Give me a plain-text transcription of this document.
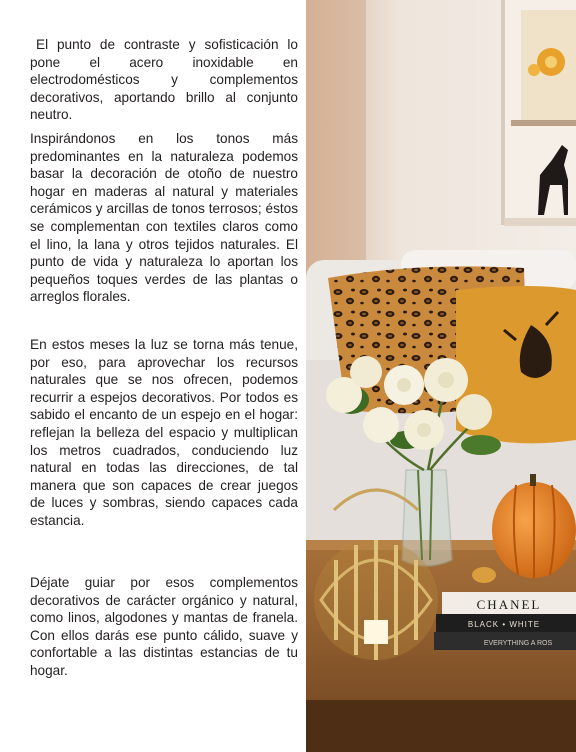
El punto de contraste y sofisticación lo pone el acero inoxidable en electrodomésticos y complementos decorativos, aportando brillo al conjunto neutro.

Inspirándonos en los tonos más predominantes en la naturaleza podemos basar la decoración de otoño de nuestro hogar en maderas al natural y materiales cerámicos y arcillas de tonos terrosos; éstos se complementan con textiles claros como el lino, la lana y otros tejidos naturales. El punto de vida y naturaleza lo aportan los pequeños toques verdes de las plantas o arreglos florales.

En estos meses la luz se torna más tenue, por eso, para aprovechar los recursos naturales que se nos ofrecen, podemos recurrir a espejos decorativos. Por todos es sabido el encanto de un espejo en el hogar: reflejan la belleza del espacio y multiplican los metros cuadrados, conduciendo luz natural en todas las direcciones, de tal manera que son capaces de crear juegos de luces y sombras, siendo capaces cada estancia.

Déjate guiar por esos complementos decorativos de carácter orgánico y natural, como linos, algodones y mantas de franela. Con ellos darás ese punto cálido, suave y confortable a las distintas estancias de tu hogar.

CHANEL
BLACK • WHITE
EVERYTHING A ROS
